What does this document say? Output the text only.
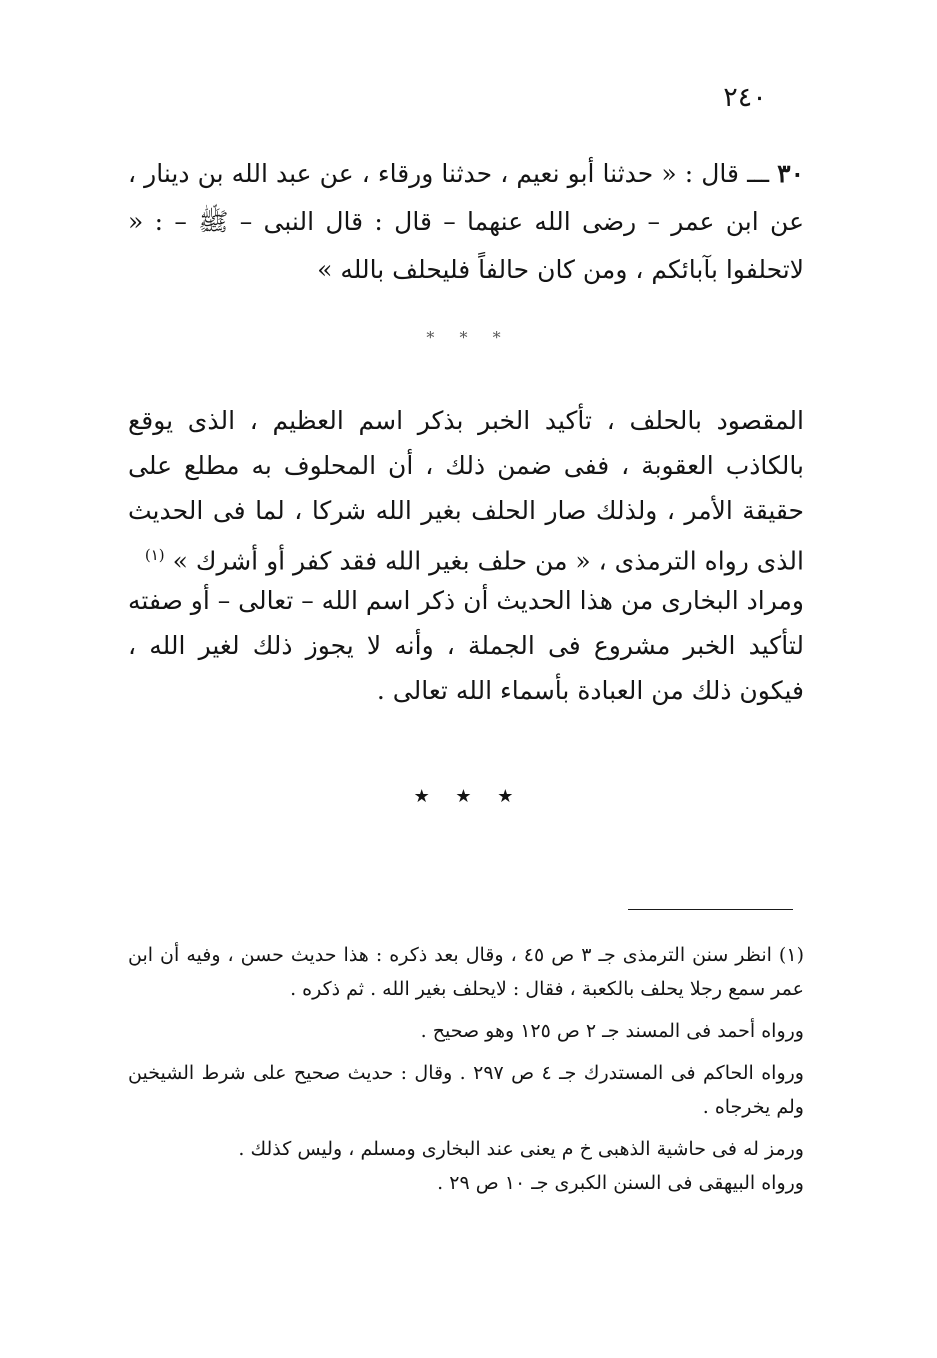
٢٤٠
٣٠ ـــ قال : « حدثنا أبو نعيم ، حدثنا ورقاء ، عن عبد الله بن دينار ، عن ابن عمر – رضى الله عنهما – قال : قال النبى – ﷺ – : « لاتحلفوا بآبائكم ، ومن كان حالفاً فليحلف بالله »
* * *
المقصود بالحلف ، تأكيد الخبر بذكر اسم العظيم ، الذى يوقع بالكاذب العقوبة ، ففى ضمن ذلك ، أن المحلوف به مطلع على حقيقة الأمر ، ولذلك صار الحلف بغير الله شركا ، لما فى الحديث الذى رواه الترمذى ، « من حلف بغير الله فقد كفر أو أشرك » $^{(١)}$
ومراد البخارى من هذا الحديث أن ذكر اسم الله – تعالى – أو صفته لتأكيد الخبر مشروع فى الجملة ، وأنه لا يجوز ذلك لغير الله ، فيكون ذلك من العبادة بأسماء الله تعالى .
★ ★ ★
(١) انظر سنن الترمذى جـ ٣ ص ٤٥ ، وقال بعد ذكره : هذا حديث حسن ، وفيه أن ابن عمر سمع رجلا يحلف بالكعبة ، فقال : لايحلف بغير الله . ثم ذكره .
ورواه أحمد فى المسند جـ ٢ ص ١٢٥ وهو صحيح .
ورواه الحاكم فى المستدرك جـ ٤ ص ٢٩٧ . وقال : حديث صحيح على شرط الشيخين ولم يخرجاه .
ورمز له فى حاشية الذهبى خ م يعنى عند البخارى ومسلم ، وليس كذلك .
ورواه البيهقى فى السنن الكبرى جـ ١٠ ص ٢٩ .
